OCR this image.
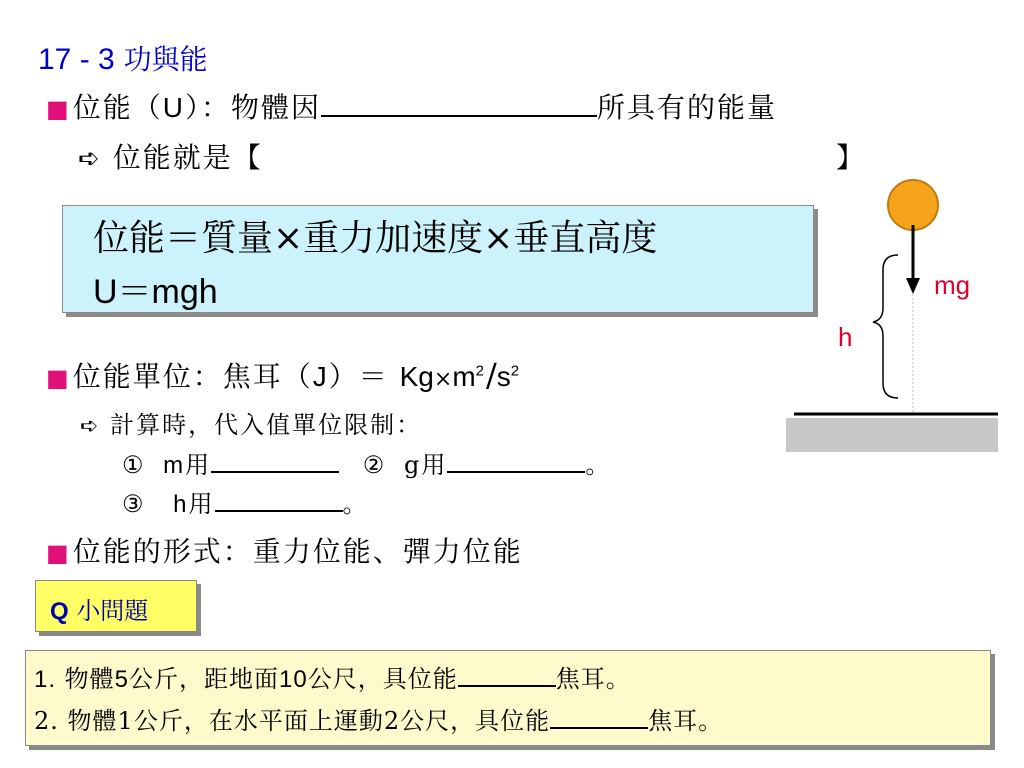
17 - 3 功與能
■位能（U）：物體因	所具有的能量
➪ 位能就是【	】
位能＝質量×重力加速度×垂直高度
U＝mgh	mg
h
■位能單位：焦耳$(J)= Kg\times m^2/s^2$
➪ 計算時，代入值單位限制：
① m用	② g用	。
③ h用	。
■位能的形式：重力位能、彈力位能
Q 小問題
1. 物體5公斤，距地面10公尺，具位能	焦耳。
2. 物體1公斤，在水平面上運動2公尺，具位能	焦耳。
